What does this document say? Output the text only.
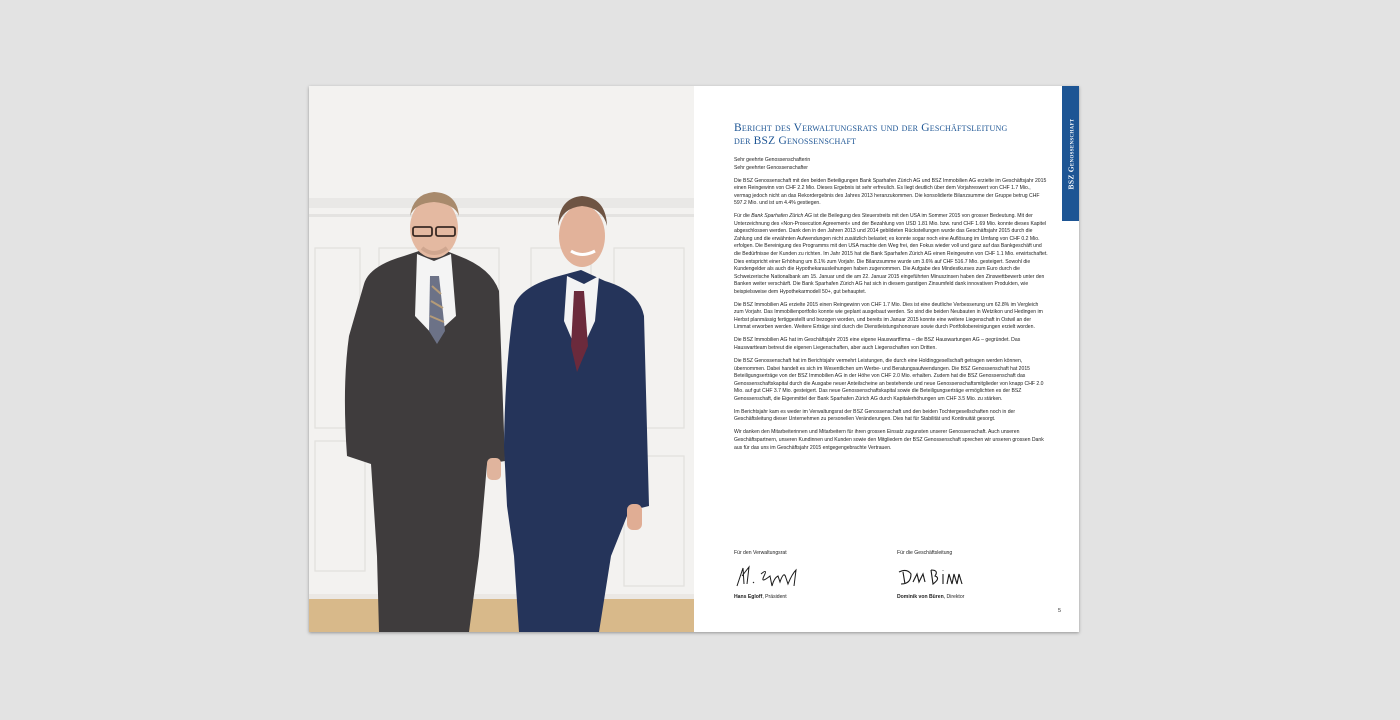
BSZ Genossenschaft
Bericht des Verwaltungsrats und der Geschäftsleitung
der BSZ Genossenschaft

Sehr geehrte Genossenschafterin
Sehr geehrter Genossenschafter

Die BSZ Genossenschaft mit den beiden Beteiligungen Bank Sparhafen Zürich AG und BSZ Immobilien AG erzielte im Geschäftsjahr 2015 einen Reingewinn von CHF 2.2 Mio. Dieses Ergebnis ist sehr erfreulich. Es liegt deutlich über dem Vorjahreswert von CHF 1.7 Mio., vermag jedoch nicht an das Rekordergebnis des Jahres 2013 heranzukommen. Die konsolidierte Bilanzsumme der Gruppe betrug CHF 597.2 Mio. und ist um 4.4% gestiegen.

Für die Bank Sparhafen Zürich AG ist die Beilegung des Steuerstreits mit den USA im Sommer 2015 von grosser Bedeutung. Mit der Unterzeichnung des «Non-Prosecution Agreement» und der Bezahlung von USD 1.81 Mio. bzw. rund CHF 1.69 Mio. konnte dieses Kapitel abgeschlossen werden. Dank den in den Jahren 2013 und 2014 gebildeten Rückstellungen wurde das Geschäftsjahr 2015 durch die Zahlung und die erwähnten Aufwendungen nicht zusätzlich belastet; es konnte sogar noch eine Auflösung im Umfang von CHF 0.2 Mio. erfolgen. Die Bereinigung des Programms mit den USA machte den Weg frei, den Fokus wieder voll und ganz auf das Bankgeschäft und die Bedürfnisse der Kunden zu richten. Im Jahr 2015 hat die Bank Sparhafen Zürich AG einen Reingewinn von CHF 1.1 Mio. erwirtschaftet. Dies entspricht einer Erhöhung um 8.1% zum Vorjahr. Die Bilanzsumme wurde um 3.6% auf CHF 516.7 Mio. gesteigert. Sowohl die Kundengelder als auch die Hypothekarausleihungen haben zugenommen. Die Aufgabe des Mindestkurses zum Euro durch die Schweizerische Nationalbank am 15. Januar und die am 22. Januar 2015 eingeführten Minuszinsen haben den Zinswettbewerb unter den Banken weiter verschärft. Die Bank Sparhafen Zürich AG hat sich in diesem garstigen Zinsumfeld dank innovativen Produkten, wie beispielsweise dem Hypothekarmodell 50+, gut behauptet.

Die BSZ Immobilien AG erzielte 2015 einen Reingewinn von CHF 1.7 Mio. Dies ist eine deutliche Verbesserung um 62.8% im Vergleich zum Vorjahr. Das Immobilienportfolio konnte wie geplant ausgebaut werden. So sind die beiden Neubauten in Wetzikon und Hedingen im Herbst planmässig fertiggestellt und bezogen worden, und bereits im Januar 2015 konnte eine weitere Liegenschaft in Ostwil an der Limmat erworben werden. Weitere Erträge sind durch die Dienstleistungshonorare sowie durch Portfoliobereinigungen erzielt worden.

Die BSZ Immobilien AG hat im Geschäftsjahr 2015 eine eigene Hauswartfirma – die BSZ Hauswartungen AG – gegründet. Das Hauswartteam betreut die eigenen Liegenschaften, aber auch Liegenschaften von Dritten.

Die BSZ Genossenschaft hat im Berichtsjahr vermehrt Leistungen, die durch eine Holdinggesellschaft getragen werden können, übernommen. Dabei handelt es sich im Wesentlichen um Werbe- und Beratungsaufwendungen. Die BSZ Genossenschaft hat 2015 Beteiligungserträge von der BSZ Immobilien AG in der Höhe von CHF 2.0 Mio. erhalten. Zudem hat die BSZ Genossenschaft das Genossenschaftskapital durch die Ausgabe neuer Anteilscheine an bestehende und neue Genossenschaftsmitglieder von knapp CHF 2.0 Mio. auf gut CHF 3.7 Mio. gesteigert. Das neue Genossenschaftskapital sowie die Beteiligungserträge ermöglichten es der BSZ Genossenschaft, die Eigenmittel der Bank Sparhafen Zürich AG durch Kapitalerhöhungen um CHF 3.5 Mio. zu stärken.

Im Berichtsjahr kam es weder im Verwaltungsrat der BSZ Genossenschaft und den beiden Tochtergesellschaften noch in der Geschäftsleitung dieser Unternehmen zu personellen Veränderungen. Dies hat für Stabilität und Kontinuität gesorgt.

Wir danken den Mitarbeiterinnen und Mitarbeitern für ihren grossen Einsatz zugunsten unserer Genossenschaft. Auch unseren Geschäftspartnern, unseren Kundinnen und Kunden sowie den Mitgliedern der BSZ Genossenschaft sprechen wir unseren grossen Dank aus für das uns im Geschäftsjahr 2015 entgegengebrachte Vertrauen.

Für den Verwaltungsrat
Hans Egloff, Präsident
Für die Geschäftsleitung
Dominik von Büren, Direktor
5
